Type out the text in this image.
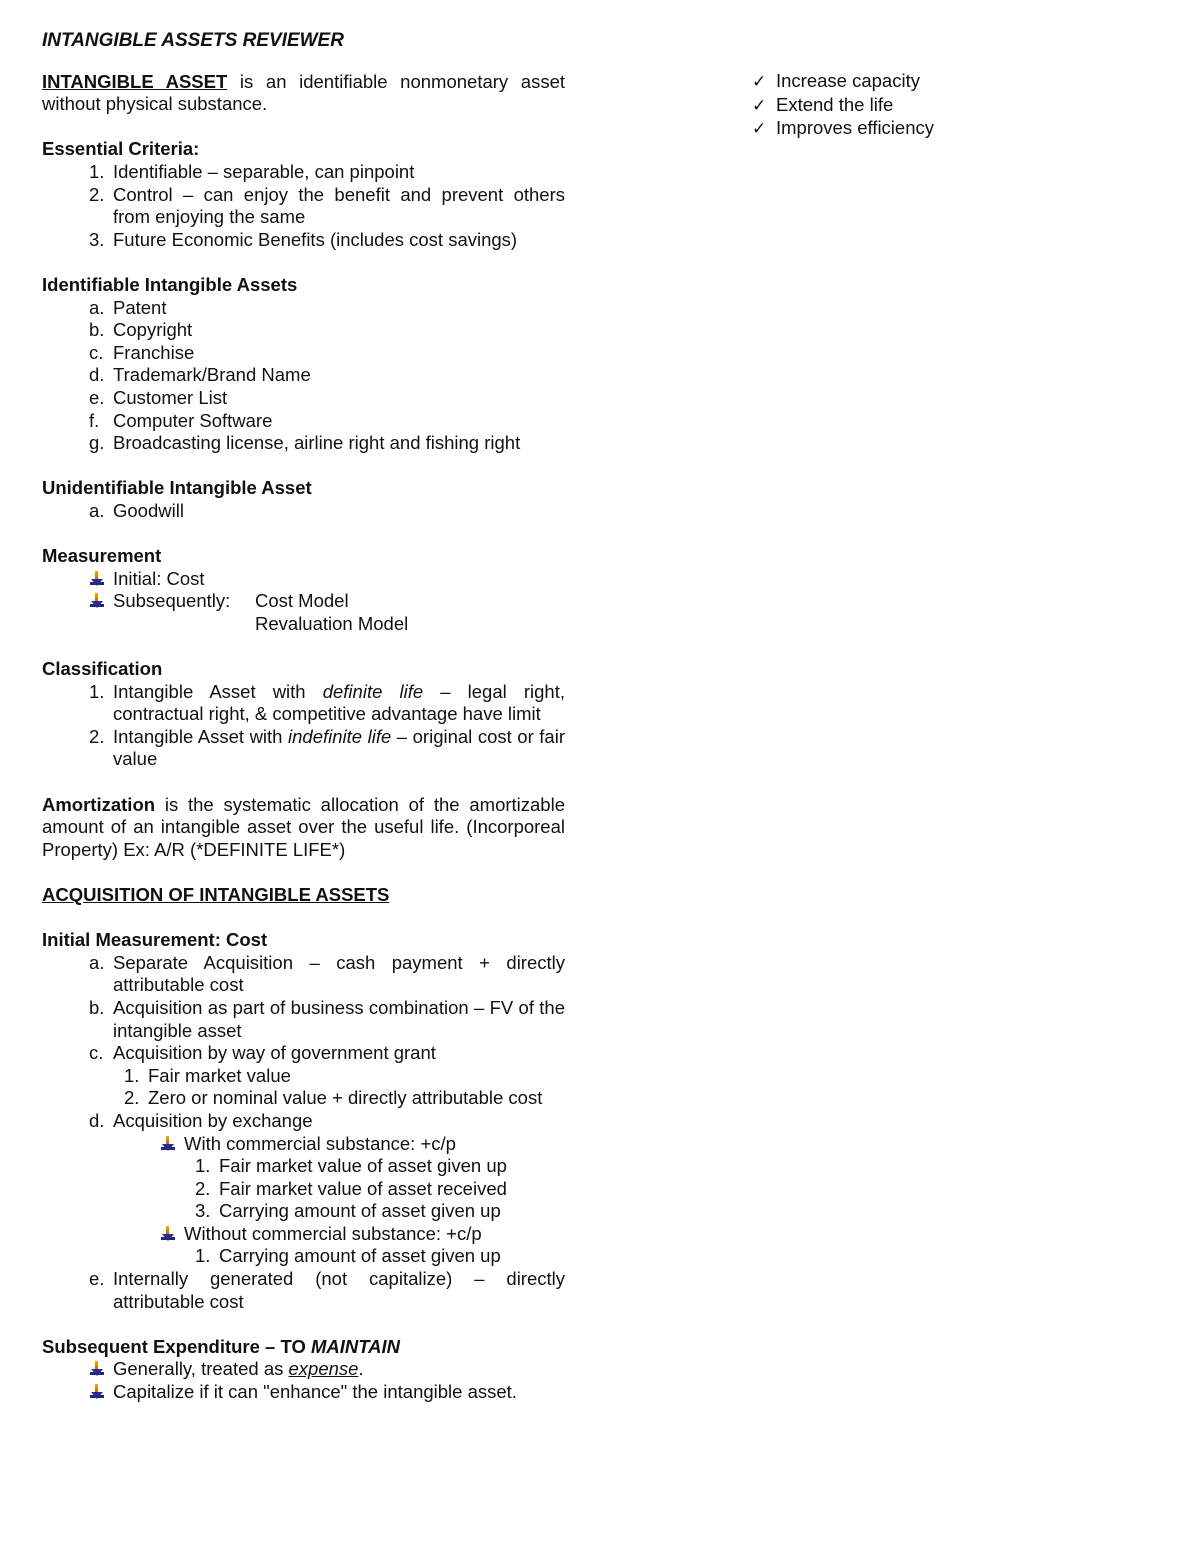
INTANGIBLE ASSETS REVIEWER

INTANGIBLE ASSET is an identifiable nonmonetary asset without physical substance.

Essential Criteria:

1. Identifiable – separable, can pinpoint
2. Control – can enjoy the benefit and prevent others from enjoying the same
3. Future Economic Benefits (includes cost savings)

Identifiable Intangible Assets

a. Patent
b. Copyright
c. Franchise
d. Trademark/Brand Name
e. Customer List
f. Computer Software
g. Broadcasting license, airline right and fishing right

Unidentifiable Intangible Asset

a. Goodwill

Measurement

Initial: Cost
Subsequently:	Cost Model
Revaluation Model

Classification

1. Intangible Asset with definite life – legal right, contractual right, & competitive advantage have limit
2. Intangible Asset with indefinite life – original cost or fair value

Amortization is the systematic allocation of the amortizable amount of an intangible asset over the useful life. (Incorporeal Property) Ex: A/R (*DEFINITE LIFE*)

ACQUISITION OF INTANGIBLE ASSETS

Initial Measurement: Cost

a. Separate Acquisition – cash payment + directly attributable cost
b. Acquisition as part of business combination – FV of the intangible asset
c. Acquisition by way of government grant
1. Fair market value
2. Zero or nominal value + directly attributable cost
d. Acquisition by exchange
With commercial substance: +c/p
1. Fair market value of asset given up
2. Fair market value of asset received
3. Carrying amount of asset given up
Without commercial substance: +c/p
1. Carrying amount of asset given up
e. Internally generated (not capitalize) – directly attributable cost

Subsequent Expenditure – TO MAINTAIN

Generally, treated as expense.
Capitalize if it can "enhance" the intangible asset.
✓ Increase capacity
✓ Extend the life
✓ Improves efficiency
